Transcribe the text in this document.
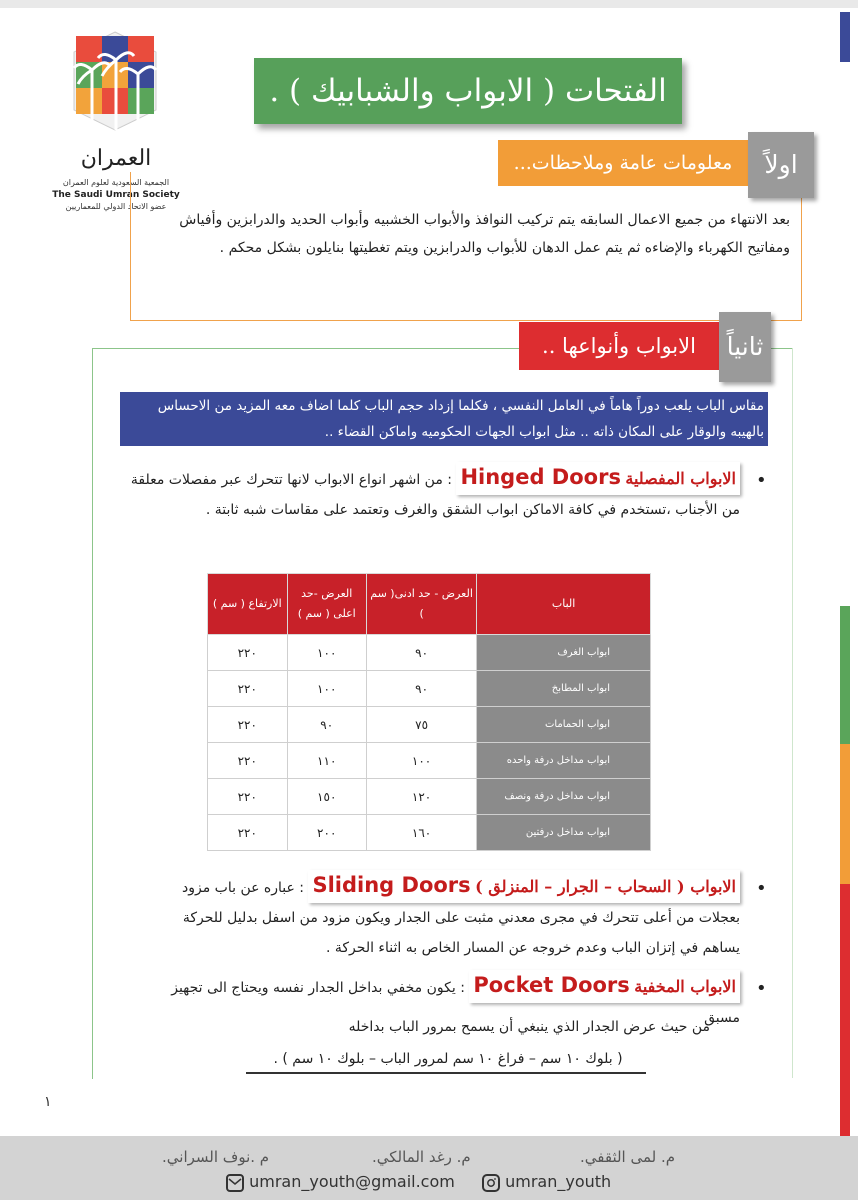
العمران
الجمعية السعودية لعلوم العمران
The Saudi Umran Society
عضو الاتحاد الدولي للمعماريين
الفتحات ( الابواب والشبابيك ) .
معلومات عامة وملاحظات...	اولاً
بعد الانتهاء من جميع الاعمال السابقه يتم تركيب النوافذ والأبواب الخشبيه وأبواب الحديد والدرابزين وأفياش ومفاتيح الكهرباء والإضاءه ثم يتم عمل الدهان للأبواب والدرابزين ويتم تغطيتها بنايلون بشكل محكم .
الابواب وأنواعها ..	ثانياً
مقاس الباب يلعب دوراً هاماً في العامل النفسي ، فكلما إزداد حجم الباب كلما اضاف معه المزيد من الاحساس بالهيبه والوقار على المكان ذاته .. مثل ابواب الجهات الحكوميه واماكن القضاء ..
•
الابواب المفصلية Hinged Doors : من اشهر انواع الابواب لانها تتحرك عبر مفصلات معلقة من الأجناب ،تستخدم في كافة الاماكن ابواب الشقق والغرف وتعتمد على مقاسات شبه ثابتة .
الباب	العرض - حد ادنى( سم )	العرض -حد اعلى ( سم )	الارتفاع ( سم )
ابواب الغرف	٩٠	١٠٠	٢٢٠
ابواب المطابخ	٩٠	١٠٠	٢٢٠
ابواب الحمامات	٧٥	٩٠	٢٢٠
ابواب مداخل درفة واحده	١٠٠	١١٠	٢٢٠
ابواب مداخل درفة ونصف	١٢٠	١٥٠	٢٢٠
ابواب مداخل درفتين	١٦٠	٢٠٠	٢٢٠
•
الابواب ( السحاب – الجرار – المنزلق ) Sliding Doors : عباره عن باب مزود بعجلات من أعلى تتحرك في مجرى معدني مثبت على الجدار ويكون مزود من اسفل بدليل للحركة يساهم في إتزان الباب وعدم خروجه عن المسار الخاص به اثناء الحركة .
•
الابواب المخفية Pocket Doors : يكون مخفي بداخل الجدار نفسه ويحتاج الى تجهيز مسبق
من حيث عرض الجدار الذي ينبغي أن يسمح بمرور الباب بداخله
( بلوك ١٠ سم – فراغ ١٠ سم لمرور الباب – بلوك ١٠ سم ) .
١
م. لمى الثقفي.
م. رغد المالكي.
م .نوف السراني.
umran_youth@gmail.com	umran_youth
